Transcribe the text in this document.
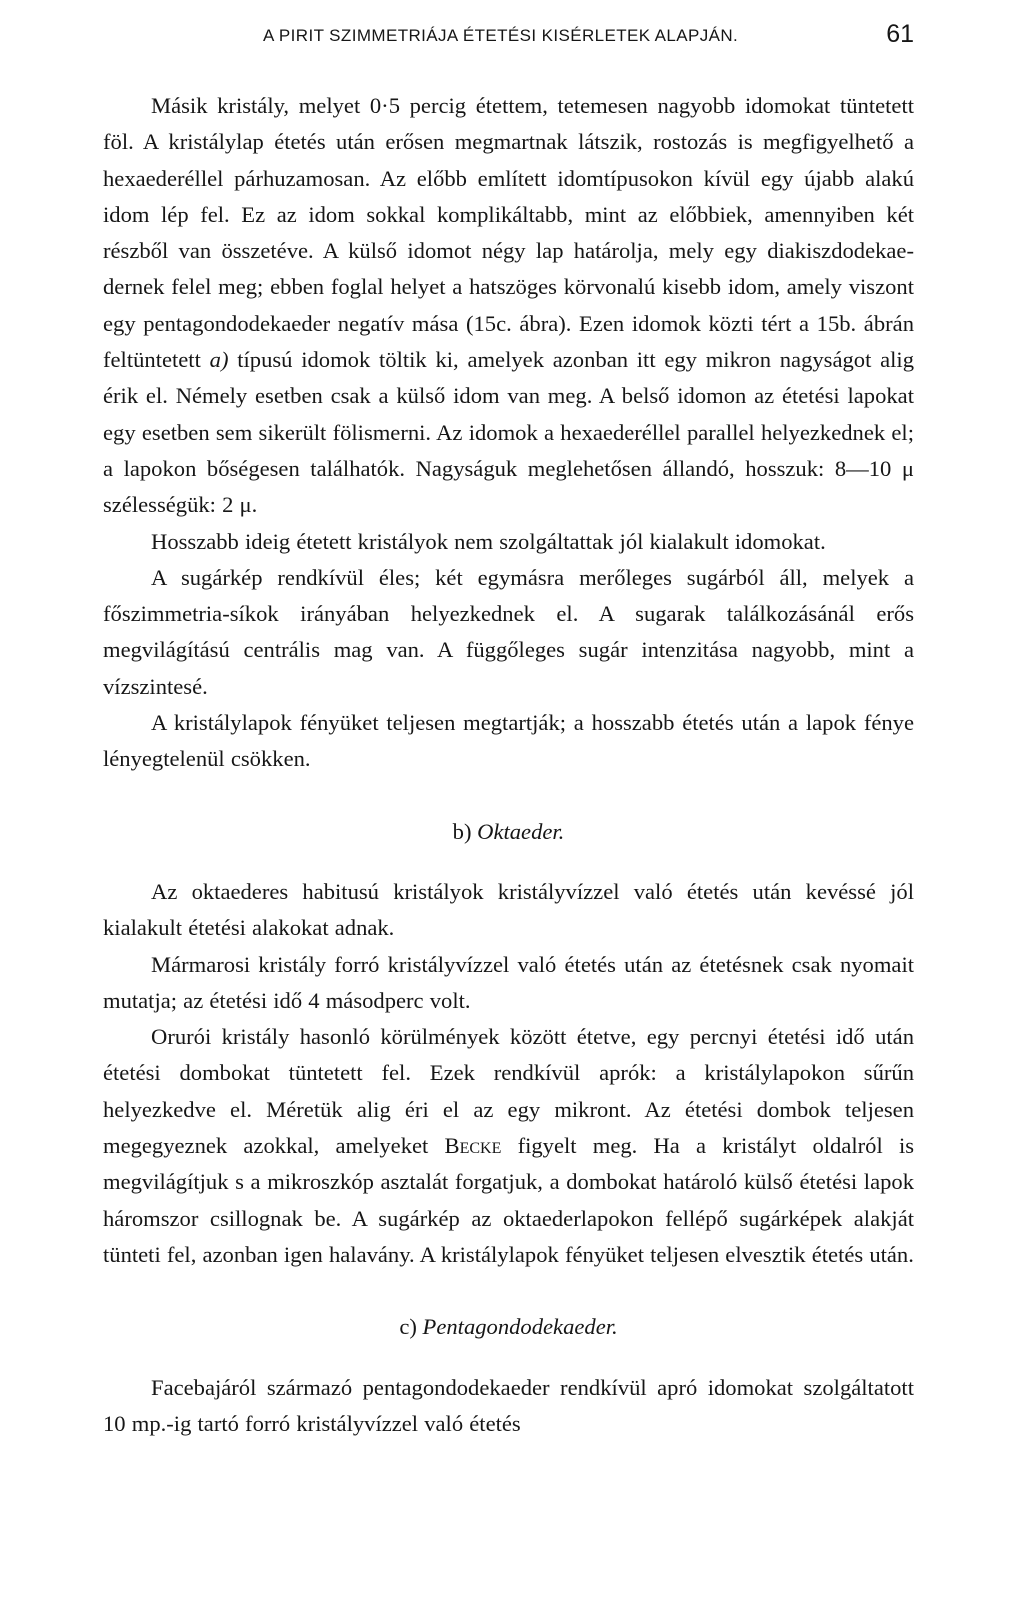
A PIRIT SZIMMETRIÁJA ÉTETÉSI KISÉRLETEK ALAPJÁN.	61

Másik kristály, melyet 0·5 percig étettem, tetemesen nagyobb idomokat tüntetett föl. A kristálylap étetés után erősen megmartnak látszik, rostozás is megfigyelhető a hexaederéllel párhuzamosan. Az előbb említett idomtípusokon kívül egy újabb alakú idom lép fel. Ez az idom sokkal komplikáltabb, mint az előbbiek, amennyiben két részből van összetéve. A külső idomot négy lap határolja, mely egy diakiszdodekaedernek felel meg; ebben foglal helyet a hatszöges körvonalú kisebb idom, amely viszont egy pentagondodekaeder negatív mása (15c. ábra). Ezen idomok közti tért a 15b. ábrán feltüntetett a) típusú idomok töltik ki, amelyek azonban itt egy mikron nagyságot alig érik el. Némely esetben csak a külső idom van meg. A belső idomon az étetési lapokat egy esetben sem sikerült fölismerni. Az idomok a hexaederéllel parallel helyezkednek el; a lapokon bőségesen találhatók. Nagyságuk meglehetősen állandó, hosszuk: 8—10 μ szélességük: 2 μ.

Hosszabb ideig étetett kristályok nem szolgáltattak jól kialakult idomokat.

A sugárkép rendkívül éles; két egymásra merőleges sugárból áll, melyek a főszimmetria-síkok irányában helyezkednek el. A sugarak találkozásánál erős megvilágítású centrális mag van. A függőleges sugár intenzitása nagyobb, mint a vízszintesé.

A kristálylapok fényüket teljesen megtartják; a hosszabb étetés után a lapok fénye lényegtelenül csökken.

b) Oktaeder.

Az oktaederes habitusú kristályok kristályvízzel való étetés után kevéssé jól kialakult étetési alakokat adnak.

Mármarosi kristály forró kristályvízzel való étetés után az étetésnek csak nyomait mutatja; az étetési idő 4 másodperc volt.

Orurói kristály hasonló körülmények között étetve, egy percnyi étetési idő után étetési dombokat tüntetett fel. Ezek rendkívül aprók: a kristálylapokon sűrűn helyezkedve el. Méretük alig éri el az egy mikront. Az étetési dombok teljesen megegyeznek azokkal, amelyeket Becke figyelt meg. Ha a kristályt oldalról is megvilágítjuk s a mikroszkóp asztalát forgatjuk, a dombokat határoló külső étetési lapok háromszor csillognak be. A sugárkép az oktaederlapokon fellépő sugárképek alakját tünteti fel, azonban igen halavány. A kristálylapok fényüket teljesen elvesztik étetés után.

c) Pentagondodekaeder.

Facebajáról származó pentagondodekaeder rendkívül apró idomokat szolgáltatott 10 mp.-ig tartó forró kristályvízzel való étetés
